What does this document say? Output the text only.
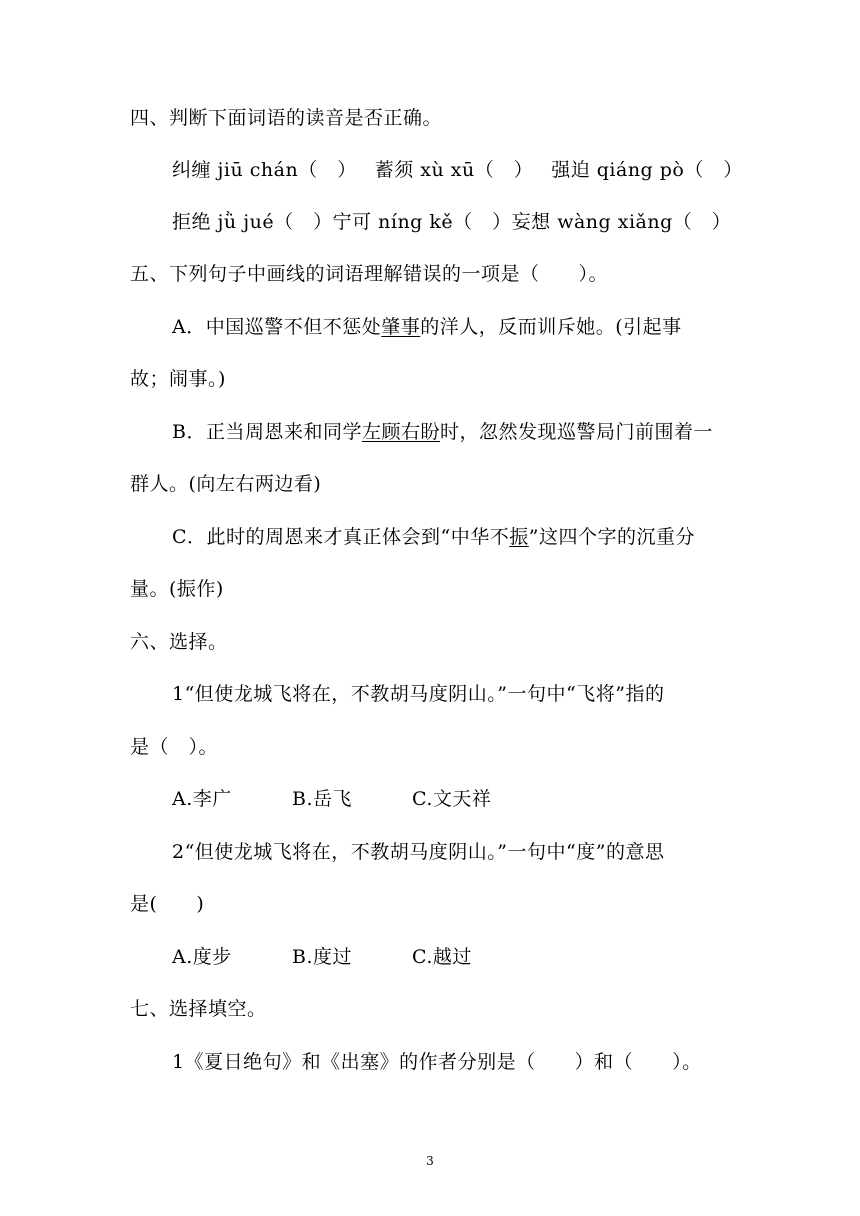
四、判断下面词语的读音是否正确。
纠缠 jiū chán（　） 蓄须 xù xū（　） 强迫 qiáng pò（　）
拒绝 jǜ jué（　）宁可 níng kě（　）妄想 wàng xiǎng（　）
五、下列句子中画线的词语理解错误的一项是（　　）。
A．中国巡警不但不惩处肇事的洋人，反而训斥她。(引起事
故；闹事。)
B．正当周恩来和同学左顾右盼时，忽然发现巡警局门前围着一
群人。(向左右两边看)
C．此时的周恩来才真正体会到“中华不振”这四个字的沉重分
量。(振作)
六、选择。
1“但使龙城飞将在，不教胡马度阴山。”一句中“飞将”指的
是（　）。
A.李广	B.岳飞	C.文天祥
2“但使龙城飞将在，不教胡马度阴山。”一句中“度”的意思
是(　　)
A.度步	B.度过	C.越过
七、选择填空。
1《夏日绝句》和《出塞》的作者分别是（　　）和（　　）。
3
